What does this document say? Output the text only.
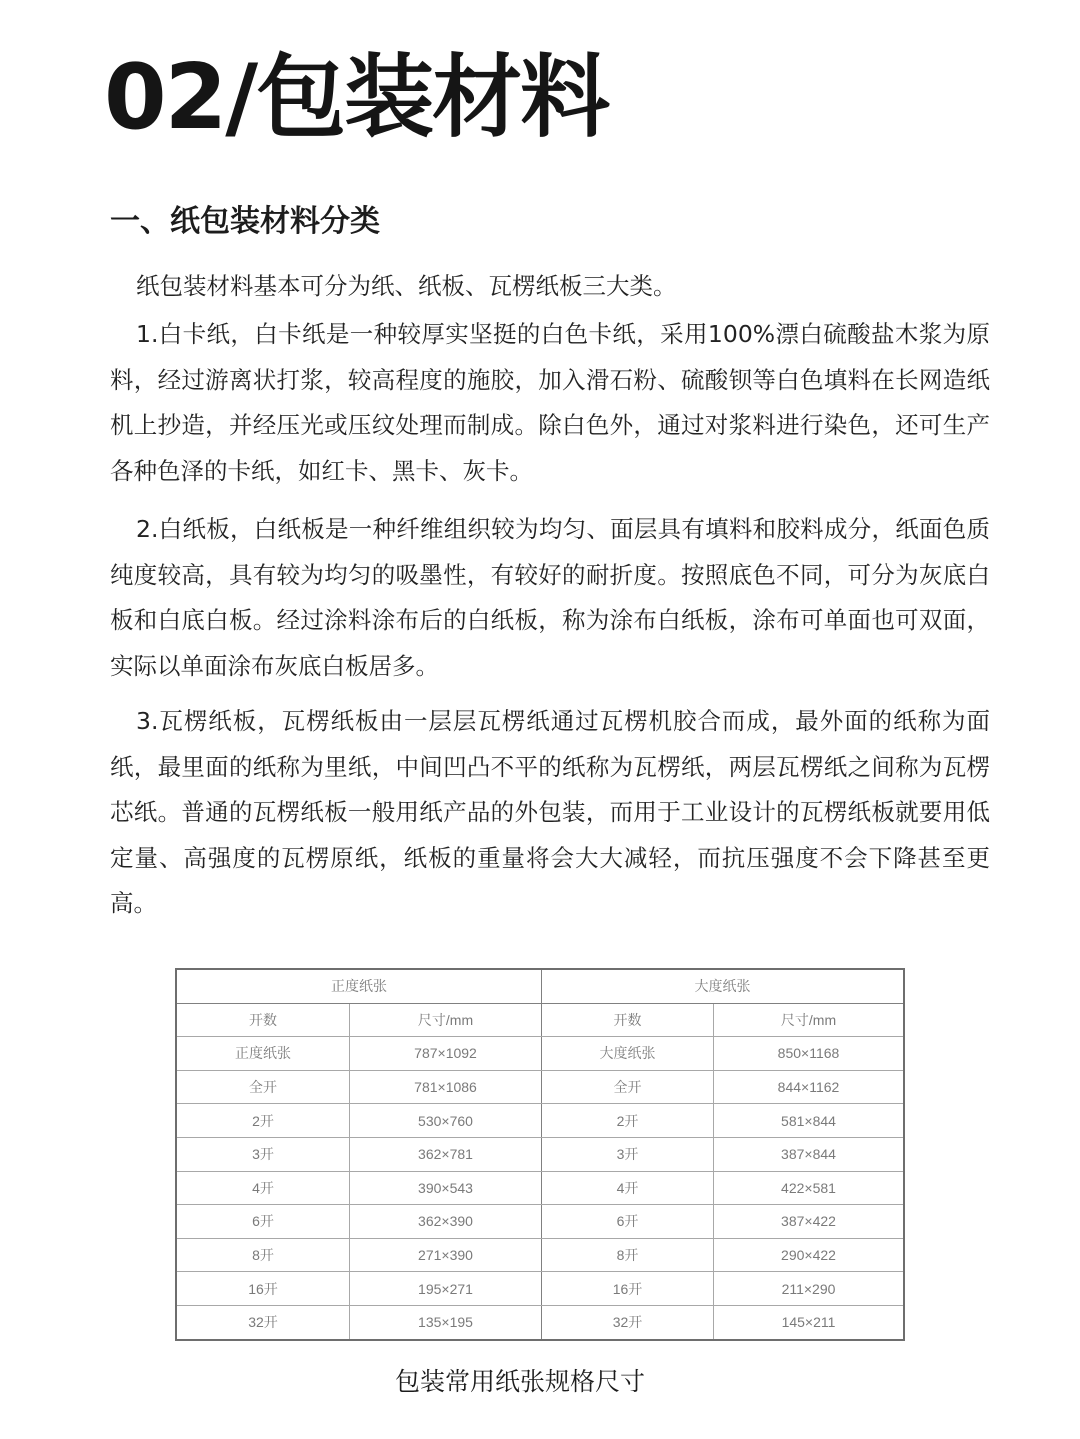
02/包装材料
一、纸包装材料分类

纸包装材料基本可分为纸、纸板、瓦楞纸板三大类。

1.白卡纸，白卡纸是一种较厚实坚挺的白色卡纸，采用100%漂白硫酸盐木浆为原料，经过游离状打浆，较高程度的施胶，加入滑石粉、硫酸钡等白色填料在长网造纸机上抄造，并经压光或压纹处理而制成。除白色外，通过对浆料进行染色，还可生产各种色泽的卡纸，如红卡、黑卡、灰卡。

2.白纸板，白纸板是一种纤维组织较为均匀、面层具有填料和胶料成分，纸面色质纯度较高，具有较为均匀的吸墨性，有较好的耐折度。按照底色不同，可分为灰底白板和白底白板。经过涂料涂布后的白纸板，称为涂布白纸板，涂布可单面也可双面，实际以单面涂布灰底白板居多。

3.瓦楞纸板，瓦楞纸板由一层层瓦楞纸通过瓦楞机胶合而成，最外面的纸称为面纸，最里面的纸称为里纸，中间凹凸不平的纸称为瓦楞纸，两层瓦楞纸之间称为瓦楞芯纸。普通的瓦楞纸板一般用纸产品的外包装，而用于工业设计的瓦楞纸板就要用低定量、高强度的瓦楞原纸，纸板的重量将会大大减轻，而抗压强度不会下降甚至更高。

正度纸张		大度纸张	
开数	尺寸/mm	开数	尺寸/mm
正度纸张	787×1092	大度纸张	850×1168
全开	781×1086	全开	844×1162
2开	530×760	2开	581×844
3开	362×781	3开	387×844
4开	390×543	4开	422×581
6开	362×390	6开	387×422
8开	271×390	8开	290×422
16开	195×271	16开	211×290
32开	135×195	32开	145×211
包装常用纸张规格尺寸
